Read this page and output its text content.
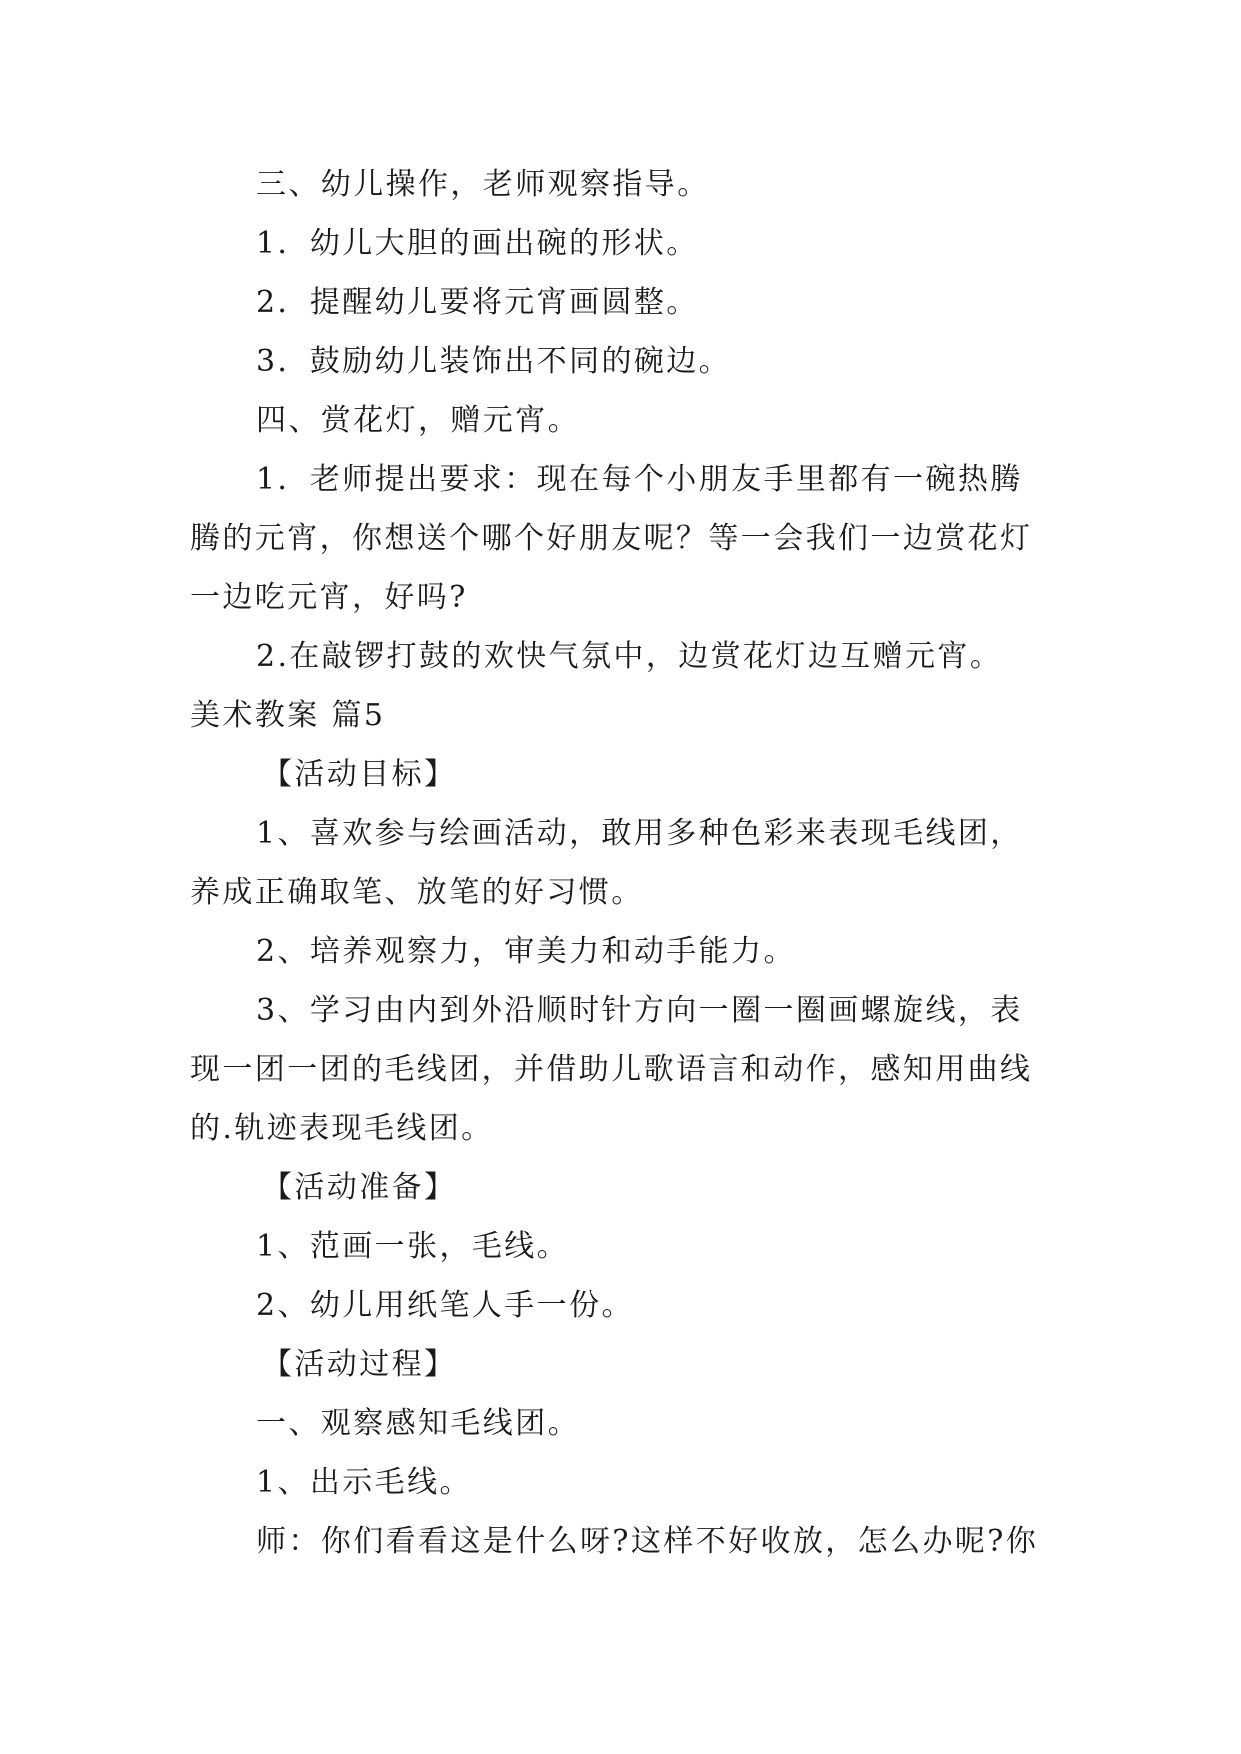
三、幼儿操作，老师观察指导。
1．幼儿大胆的画出碗的形状。
2．提醒幼儿要将元宵画圆整。
3．鼓励幼儿装饰出不同的碗边。
四、赏花灯，赠元宵。
1．老师提出要求：现在每个小朋友手里都有一碗热腾
腾的元宵，你想送个哪个好朋友呢？等一会我们一边赏花灯
一边吃元宵，好吗?
2.在敲锣打鼓的欢快气氛中，边赏花灯边互赠元宵。
美术教案 篇5
【活动目标】
1、喜欢参与绘画活动，敢用多种色彩来表现毛线团，
养成正确取笔、放笔的好习惯。
2、培养观察力，审美力和动手能力。
3、学习由内到外沿顺时针方向一圈一圈画螺旋线，表
现一团一团的毛线团，并借助儿歌语言和动作，感知用曲线
的.轨迹表现毛线团。
【活动准备】
1、范画一张，毛线。
2、幼儿用纸笔人手一份。
【活动过程】
一、观察感知毛线团。
1、出示毛线。
师：你们看看这是什么呀?这样不好收放，怎么办呢?你
